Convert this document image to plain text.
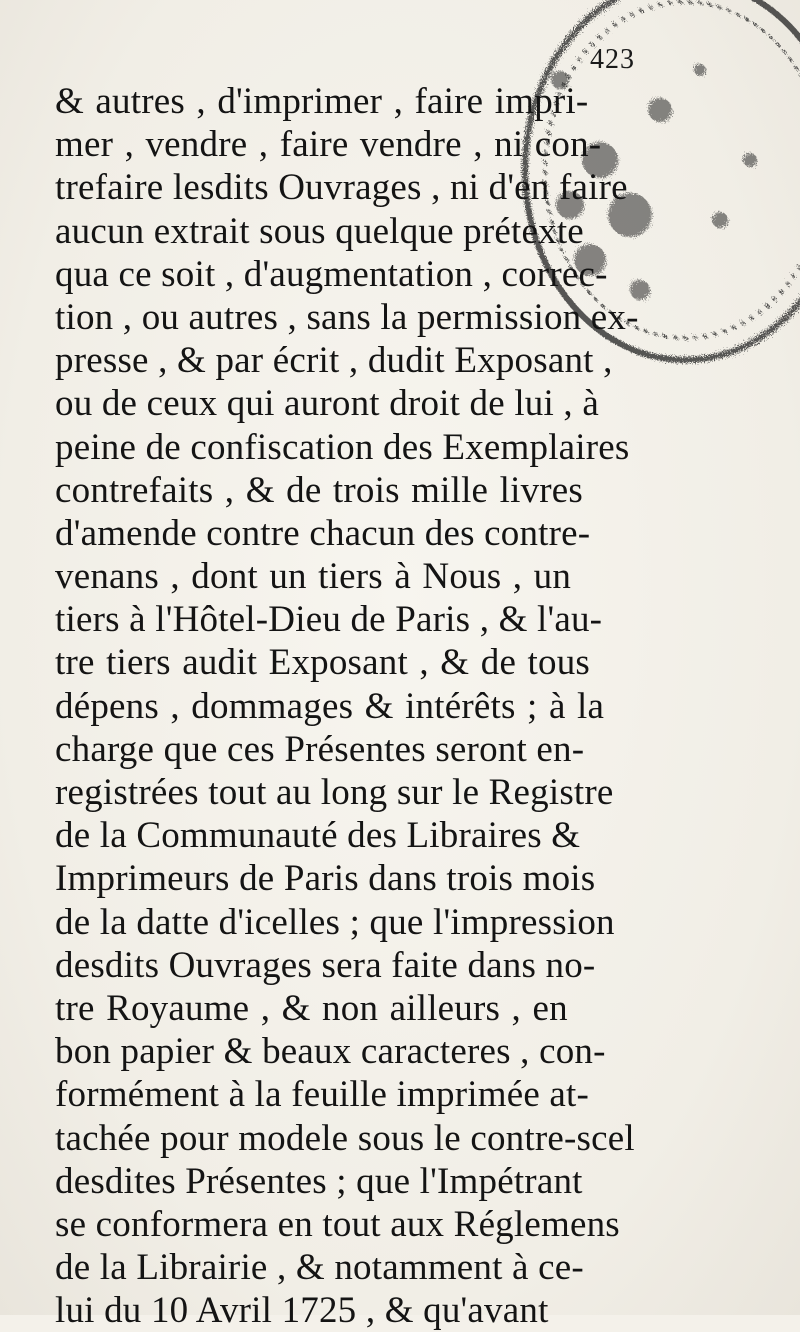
423
& autres , d'imprimer , faire impri-
mer , vendre , faire vendre , ni con-
trefaire lesdits Ouvrages , ni d'en faire
aucun extrait sous quelque prétexte
qua ce soit , d'augmentation , correc-
tion , ou autres , sans la permission ex-
presse , & par écrit , dudit Exposant ,
ou de ceux qui auront droit de lui , à
peine de confiscation des Exemplaires
contrefaits , & de trois mille livres
d'amende contre chacun des contre-
venans , dont un tiers à Nous , un
tiers à l'Hôtel-Dieu de Paris , & l'au-
tre tiers audit Exposant , & de tous
dépens , dommages & intérêts ; à la
charge que ces Présentes seront en-
registrées tout au long sur le Registre
de la Communauté des Libraires &
Imprimeurs de Paris dans trois mois
de la datte d'icelles ; que l'impression
desdits Ouvrages sera faite dans no-
tre Royaume , & non ailleurs , en
bon papier & beaux caracteres , con-
formément à la feuille imprimée at-
tachée pour modele sous le contre-scel
desdites Présentes ; que l'Impétrant
se conformera en tout aux Réglemens
de la Librairie , & notamment à ce-
lui du 10 Avril 1725 , & qu'avant
